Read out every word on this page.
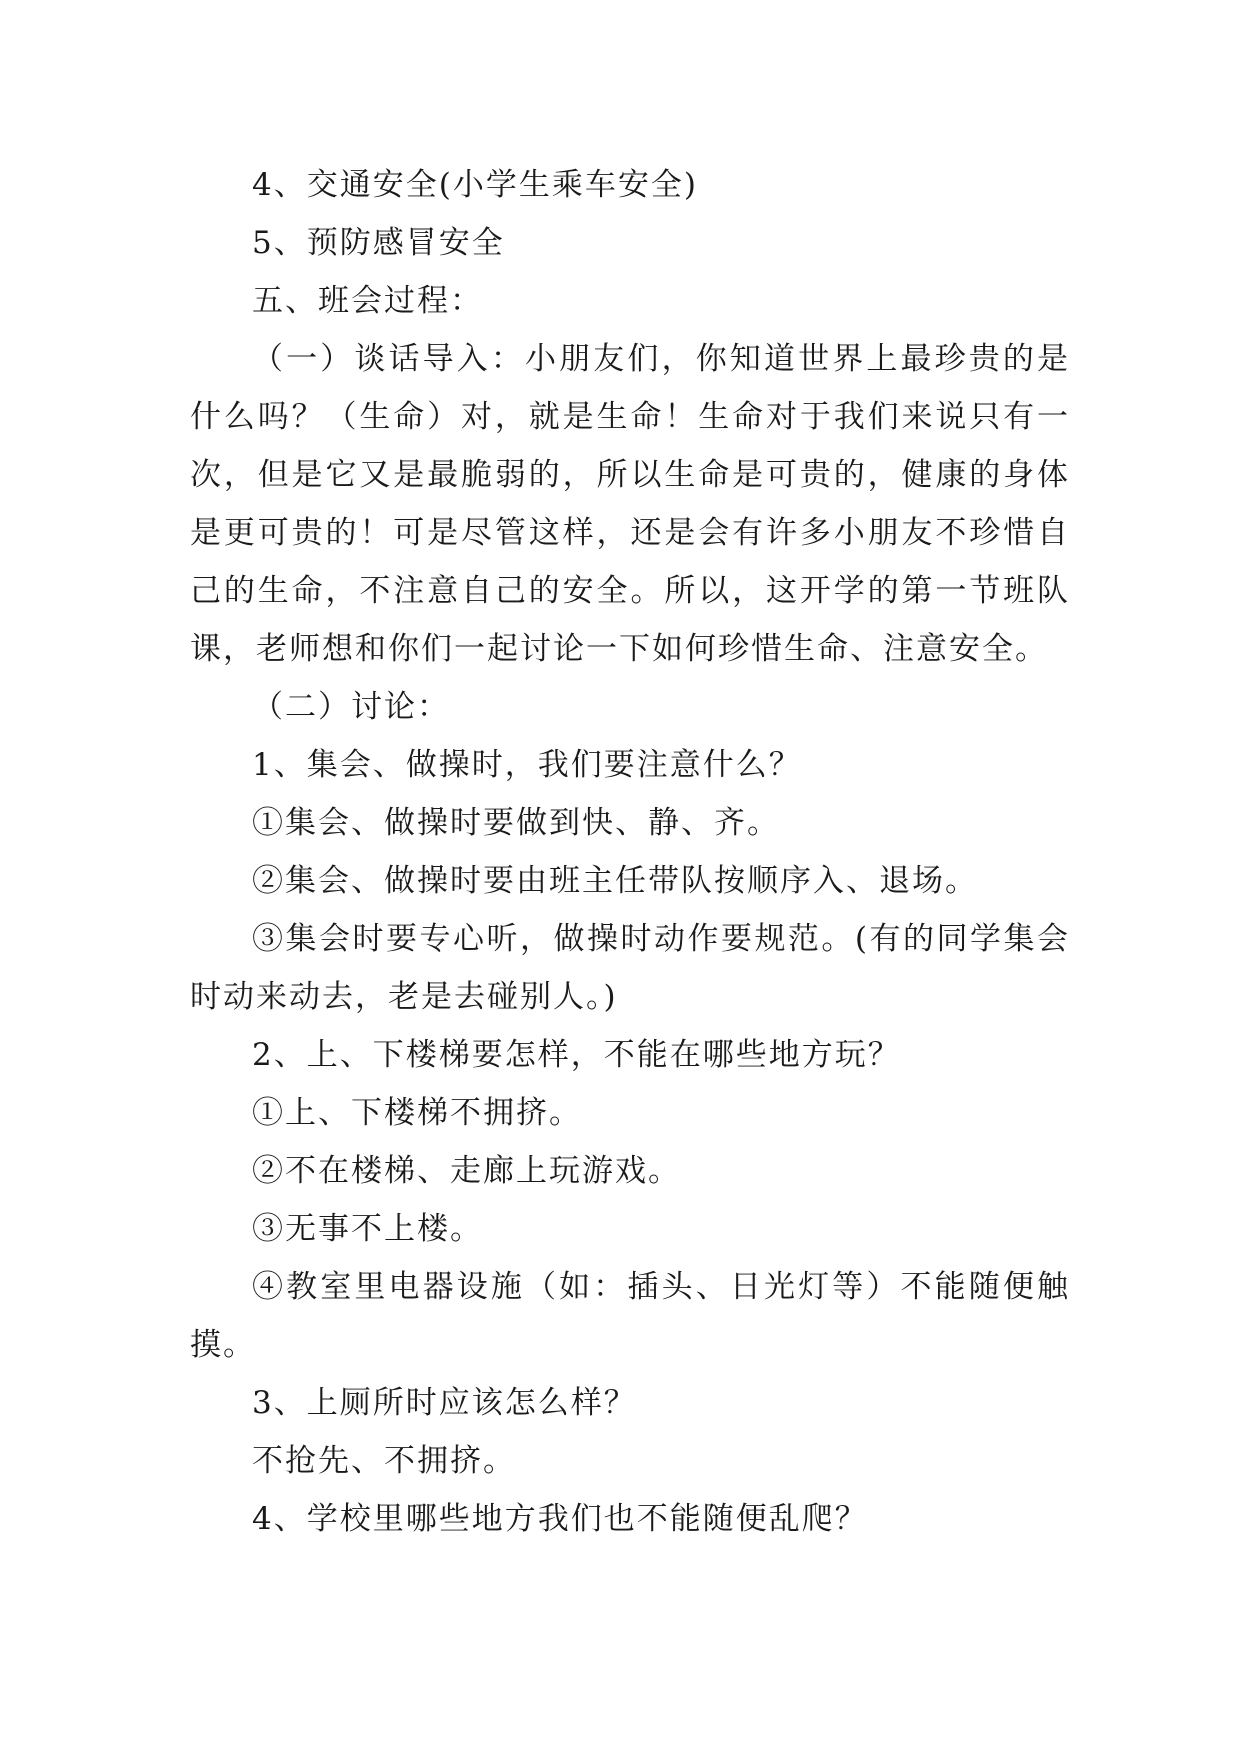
4、交通安全(小学生乘车安全)

5、预防感冒安全

五、班会过程：

（一）谈话导入：小朋友们，你知道世界上最珍贵的是什么吗？（生命）对，就是生命！生命对于我们来说只有一次，但是它又是最脆弱的，所以生命是可贵的，健康的身体是更可贵的！可是尽管这样，还是会有许多小朋友不珍惜自己的生命，不注意自己的安全。所以，这开学的第一节班队课，老师想和你们一起讨论一下如何珍惜生命、注意安全。

（二）讨论：

1、集会、做操时，我们要注意什么？

①集会、做操时要做到快、静、齐。

②集会、做操时要由班主任带队按顺序入、退场。

③集会时要专心听，做操时动作要规范。(有的同学集会时动来动去，老是去碰别人。)

2、上、下楼梯要怎样，不能在哪些地方玩？

①上、下楼梯不拥挤。

②不在楼梯、走廊上玩游戏。

③无事不上楼。

④教室里电器设施（如：插头、日光灯等）不能随便触摸。

3、上厕所时应该怎么样？

不抢先、不拥挤。

4、学校里哪些地方我们也不能随便乱爬？
